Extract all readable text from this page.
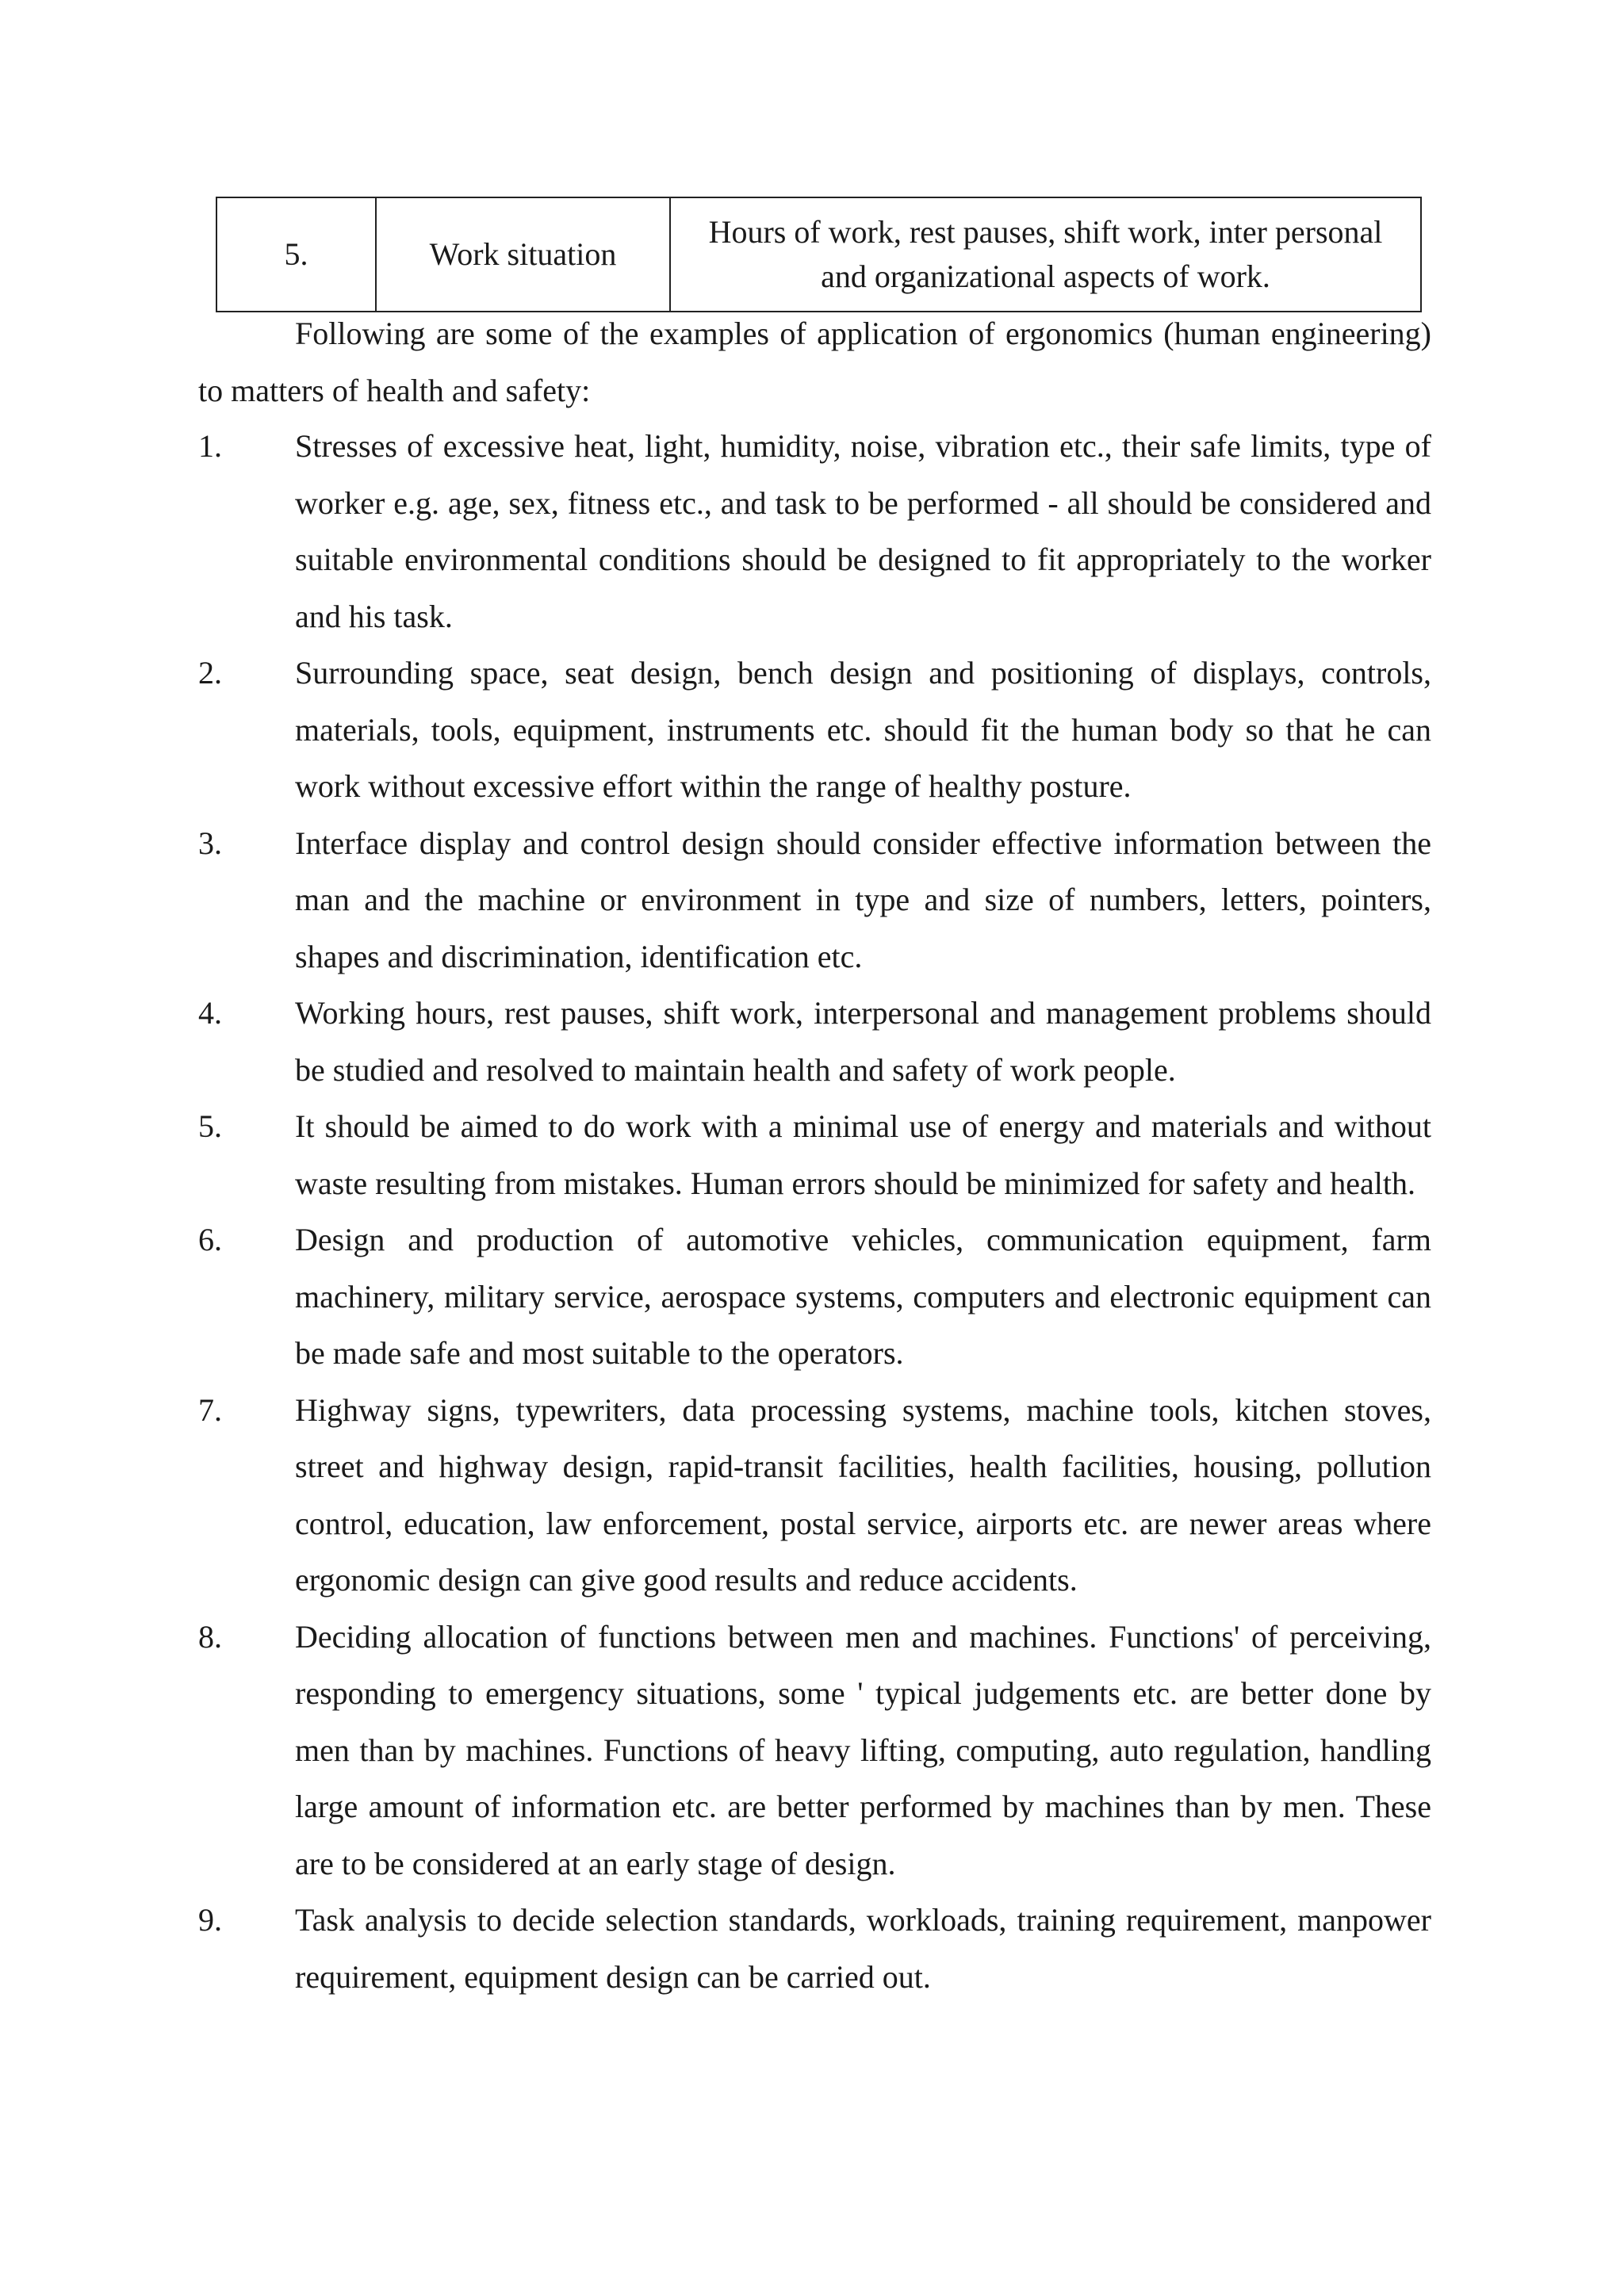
5.	Work situation	Hours of work, rest pauses, shift work, inter personal and organizational aspects of work.

Following are some of the examples of application of ergonomics (human engineering) to matters of health and safety:

1.	Stresses of excessive heat, light, humidity, noise, vibration etc., their safe limits, type of worker e.g. age, sex, fitness etc., and task to be performed - all should be considered and suitable environmental conditions should be designed to fit appropriately to the worker and his task.
2.	Surrounding space, seat design, bench design and positioning of displays, controls, materials, tools, equipment, instruments etc. should fit the human body so that he can work without excessive effort within the range of healthy posture.
3.	Interface display and control design should consider effective information between the man and the machine or environment in type and size of numbers, letters, pointers, shapes and discrimination, identification etc.
4.	Working hours, rest pauses, shift work, interpersonal and management problems should be studied and resolved to maintain health and safety of work people.
5.	It should be aimed to do work with a minimal use of energy and materials and without waste resulting from mistakes. Human errors should be minimized for safety and health.
6.	Design and production of automotive vehicles, communication equipment, farm machinery, military service, aerospace systems, computers and electronic equipment can be made safe and most suitable to the operators.
7.	Highway signs, typewriters, data processing systems, machine tools, kitchen stoves, street and highway design, rapid-transit facilities, health facilities, housing, pollution control, education, law enforcement, postal service, airports etc. are newer areas where ergonomic design can give good results and reduce accidents.
8.	Deciding allocation of functions between men and machines. Functions' of perceiving, responding to emergency situations, some ' typical judgements etc. are better done by men than by machines. Functions of heavy lifting, computing, auto regulation, handling large amount of information etc. are better performed by machines than by men. These are to be considered at an early stage of design.
9.	Task analysis to decide selection standards, workloads, training requirement, manpower requirement, equipment design can be carried out.
